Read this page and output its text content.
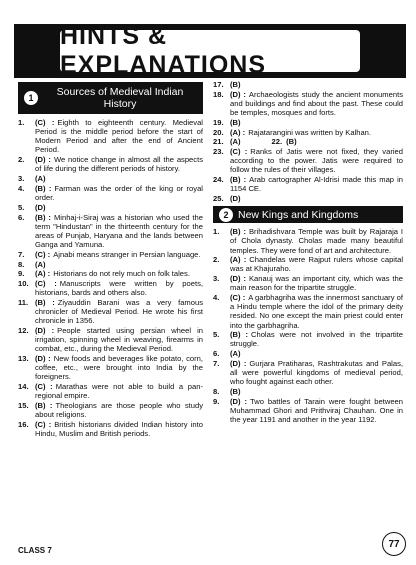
HINTS & EXPLANATIONS
1	Sources of Medieval Indian History
1.	(C) : Eighth to eighteenth century. Medieval Period is the middle period before the start of Modern Period and after the end of Ancient Period.
2.	(D) : We notice change in almost all the aspects of life during the different periods of history.
3.	(A)
4.	(B) : Farman was the order of the king or royal order.
5.	(D)
6.	(B) : Minhaj-i-Siraj was a historian who used the term "Hindustan" in the thirteenth century for the areas of Punjab, Haryana and the lands between Ganga and Yamuna.
7.	(C) : Ajnabi means stranger in Persian language.
8.	(A)
9.	(A) : Historians do not rely much on folk tales.
10. (C) : Manuscripts were written by poets, historians, bards and others also.
11. (B) : Ziyauddin Barani was a very famous chronicler of Medieval Period. He wrote his first chronicle in 1356.
12. (D) : People started using persian wheel in irrigation, spinning wheel in weaving, firearms in combat, etc., during the Medieval Period.
13. (D) : New foods and beverages like potato, corn, coffee, etc., were brought into India by the foreigners.
14. (C) : Marathas were not able to build a pan-regional empire.
15. (B) : Theologians are those people who study about religions.
16. (C) : British historians divided Indian history into Hindu, Muslim and British periods.
17. (B)
18. (D) : Archaeologists study the ancient monuments and buildings and find about the past. These could be temples, mosques and forts.
19. (B)
20. (A) : Rajatarangini was written by Kalhan.
21. (A)	22. (B)
23. (C) : Ranks of Jatis were not fixed, they varied according to the power. Jatis were required to follow the rules of their villages.
24. (B) : Arab cartographer Al-Idrisi made this map in 1154 CE.
25. (D)
2 New Kings and Kingdoms
1.	(B) : Brihadishvara Temple was built by Rajaraja I of Chola dynasty. Cholas made many beautiful temples. They were fond of art and architecture.
2.	(A) : Chandelas were Rajput rulers whose capital was at Khajuraho.
3.	(D) : Kanauj was an important city, which was the main reason for the tripartite struggle.
4.	(C) : A garbhagriha was the innermost sanctuary of a Hindu temple where the idol of the primary deity resided. No one except the main priest could enter into the garbhagriha.
5.	(B) : Cholas were not involved in the tripartite struggle.
6.	(A)
7.	(D) : Gurjara Pratiharas, Rashtrakutas and Palas, all were powerful kingdoms of medieval period, who fought against each other.
8.	(B)
9.	(D) : Two battles of Tarain were fought between Muhammad Ghori and Prithviraj Chauhan. One in the year 1191 and another in the year 1192.
CLASS 7
77
